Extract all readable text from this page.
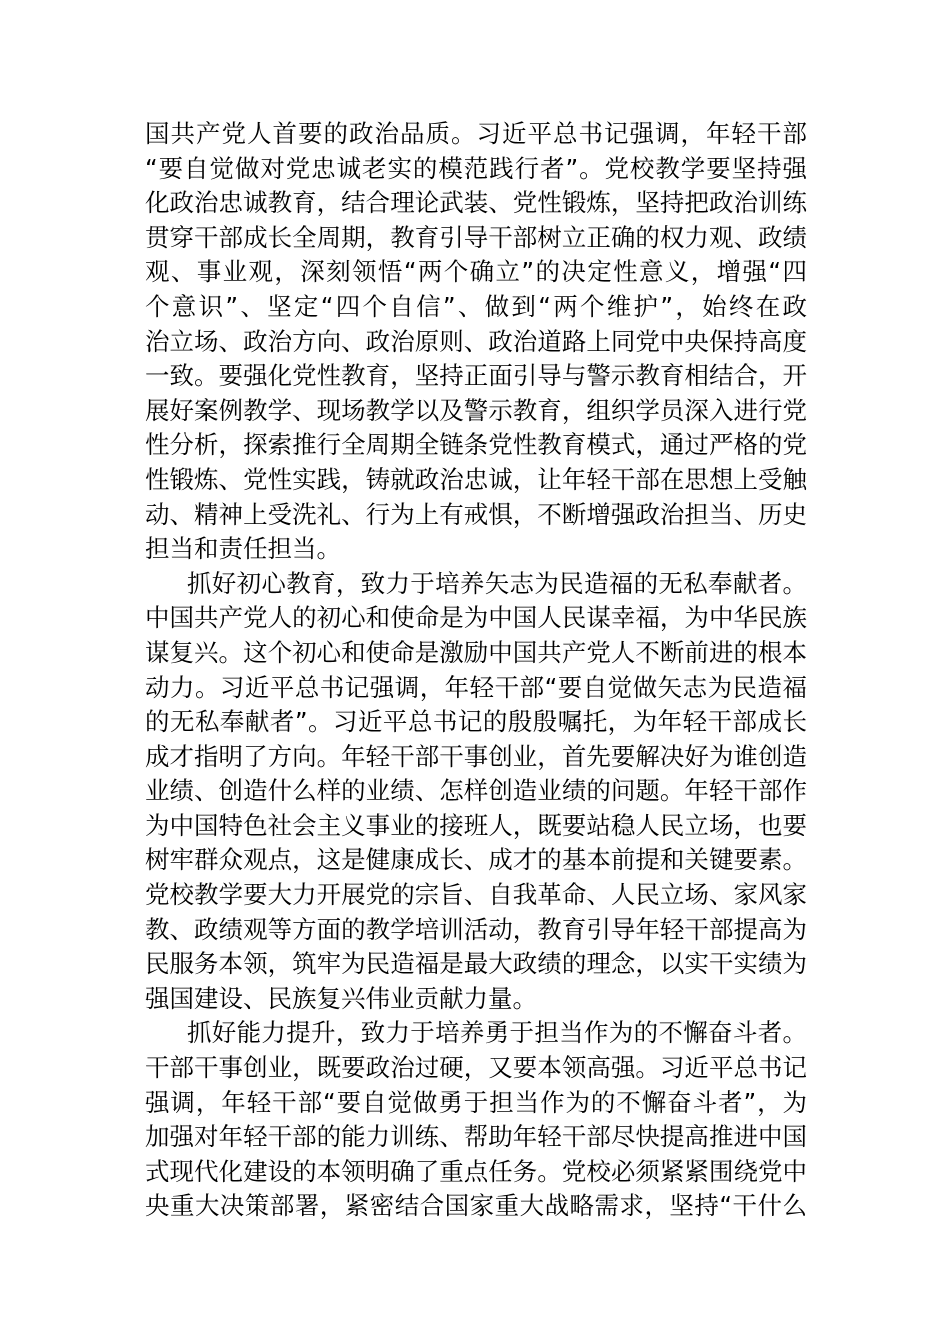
国共产党人首要的政治品质。习近平总书记强调，年轻干部
“要自觉做对党忠诚老实的模范践行者”。党校教学要坚持强
化政治忠诚教育，结合理论武装、党性锻炼，坚持把政治训练
贯穿干部成长全周期，教育引导干部树立正确的权力观、政绩
观、事业观，深刻领悟“两个确立”的决定性意义，增强“四
个意识”、坚定“四个自信”、做到“两个维护”，始终在政
治立场、政治方向、政治原则、政治道路上同党中央保持高度
一致。要强化党性教育，坚持正面引导与警示教育相结合，开
展好案例教学、现场教学以及警示教育，组织学员深入进行党
性分析，探索推行全周期全链条党性教育模式，通过严格的党
性锻炼、党性实践，铸就政治忠诚，让年轻干部在思想上受触
动、精神上受洗礼、行为上有戒惧，不断增强政治担当、历史
担当和责任担当。
抓好初心教育，致力于培养矢志为民造福的无私奉献者。
中国共产党人的初心和使命是为中国人民谋幸福，为中华民族
谋复兴。这个初心和使命是激励中国共产党人不断前进的根本
动力。习近平总书记强调，年轻干部“要自觉做矢志为民造福
的无私奉献者”。习近平总书记的殷殷嘱托，为年轻干部成长
成才指明了方向。年轻干部干事创业，首先要解决好为谁创造
业绩、创造什么样的业绩、怎样创造业绩的问题。年轻干部作
为中国特色社会主义事业的接班人，既要站稳人民立场，也要
树牢群众观点，这是健康成长、成才的基本前提和关键要素。
党校教学要大力开展党的宗旨、自我革命、人民立场、家风家
教、政绩观等方面的教学培训活动，教育引导年轻干部提高为
民服务本领，筑牢为民造福是最大政绩的理念，以实干实绩为
强国建设、民族复兴伟业贡献力量。
抓好能力提升，致力于培养勇于担当作为的不懈奋斗者。
干部干事创业，既要政治过硬，又要本领高强。习近平总书记
强调，年轻干部“要自觉做勇于担当作为的不懈奋斗者”，为
加强对年轻干部的能力训练、帮助年轻干部尽快提高推进中国
式现代化建设的本领明确了重点任务。党校必须紧紧围绕党中
央重大决策部署，紧密结合国家重大战略需求，坚持“干什么
